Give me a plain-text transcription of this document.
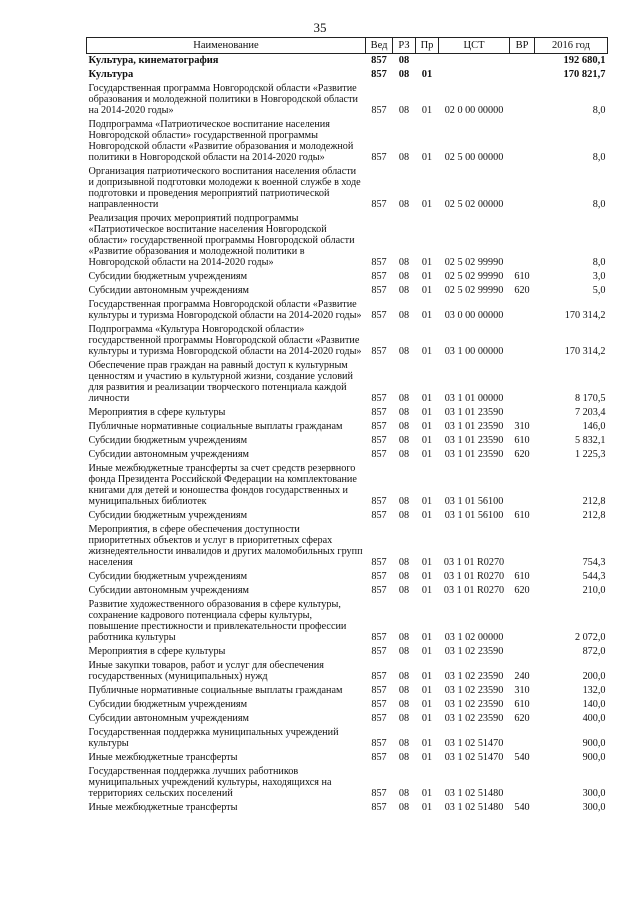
35
Наименование	Вед	РЗ	Пр	ЦСТ	ВР	2016 год
Культура, кинематография	857	08				192 680,1
Культура	857	08	01			170 821,7
Государственная программа Новгородской области «Развитие образования и молодежной политики в Новгородской области на 2014-2020 годы»	857	08	01	02 0 00 00000		8,0
Подпрограмма «Патриотическое воспитание населения Новгородской области» государственной программы Новгородской области «Развитие образования и молодежной политики в Новгородской области на 2014-2020 годы»	857	08	01	02 5 00 00000		8,0
Организация патриотического воспитания населения области и допризывной подготовки молодежи к военной службе в ходе подготовки и проведения мероприятий патриотической направленности	857	08	01	02 5 02 00000		8,0
Реализация прочих мероприятий подпрограммы «Патриотическое воспитание населения Новгородской области» государственной программы Новгородской области «Развитие образования и молодежной политики в Новгородской области на 2014-2020 годы»	857	08	01	02 5 02 99990		8,0
Субсидии бюджетным учреждениям	857	08	01	02 5 02 99990	610	3,0
Субсидии автономным учреждениям	857	08	01	02 5 02 99990	620	5,0
Государственная программа Новгородской области «Развитие культуры и туризма Новгородской области на 2014-2020 годы»	857	08	01	03 0 00 00000		170 314,2
Подпрограмма «Культура Новгородской области» государственной программы Новгородской области «Развитие культуры и туризма Новгородской области на 2014-2020 годы»	857	08	01	03 1 00 00000		170 314,2
Обеспечение прав граждан на равный доступ к культурным ценностям и участию в культурной жизни, создание условий для развития и реализации творческого потенциала каждой личности	857	08	01	03 1 01 00000		8 170,5
Мероприятия в сфере культуры	857	08	01	03 1 01 23590		7 203,4
Публичные нормативные социальные выплаты гражданам	857	08	01	03 1 01 23590	310	146,0
Субсидии бюджетным учреждениям	857	08	01	03 1 01 23590	610	5 832,1
Субсидии автономным учреждениям	857	08	01	03 1 01 23590	620	1 225,3
Иные межбюджетные трансферты за счет средств резервного фонда Президента Российской Федерации на комплектование книгами для детей и юношества фондов государственных и муниципальных библиотек	857	08	01	03 1 01 56100		212,8
Субсидии бюджетным учреждениям	857	08	01	03 1 01 56100	610	212,8
Мероприятия, в сфере обеспечения доступности приоритетных объектов и услуг в приоритетных сферах жизнедеятельности инвалидов и других маломобильных групп населения	857	08	01	03 1 01 R0270		754,3
Субсидии бюджетным учреждениям	857	08	01	03 1 01 R0270	610	544,3
Субсидии автономным учреждениям	857	08	01	03 1 01 R0270	620	210,0
Развитие художественного образования в сфере культуры, сохранение кадрового потенциала сферы культуры, повышение престижности и привлекательности профессии работника культуры	857	08	01	03 1 02 00000		2 072,0
Мероприятия в сфере культуры	857	08	01	03 1 02 23590		872,0
Иные закупки товаров, работ и услуг для обеспечения государственных (муниципальных) нужд	857	08	01	03 1 02 23590	240	200,0
Публичные нормативные социальные выплаты гражданам	857	08	01	03 1 02 23590	310	132,0
Субсидии бюджетным учреждениям	857	08	01	03 1 02 23590	610	140,0
Субсидии автономным учреждениям	857	08	01	03 1 02 23590	620	400,0
Государственная поддержка муниципальных учреждений культуры	857	08	01	03 1 02 51470		900,0
Иные межбюджетные трансферты	857	08	01	03 1 02 51470	540	900,0
Государственная поддержка лучших работников муниципальных учреждений культуры, находящихся на территориях сельских поселений	857	08	01	03 1 02 51480		300,0
Иные межбюджетные трансферты	857	08	01	03 1 02 51480	540	300,0
